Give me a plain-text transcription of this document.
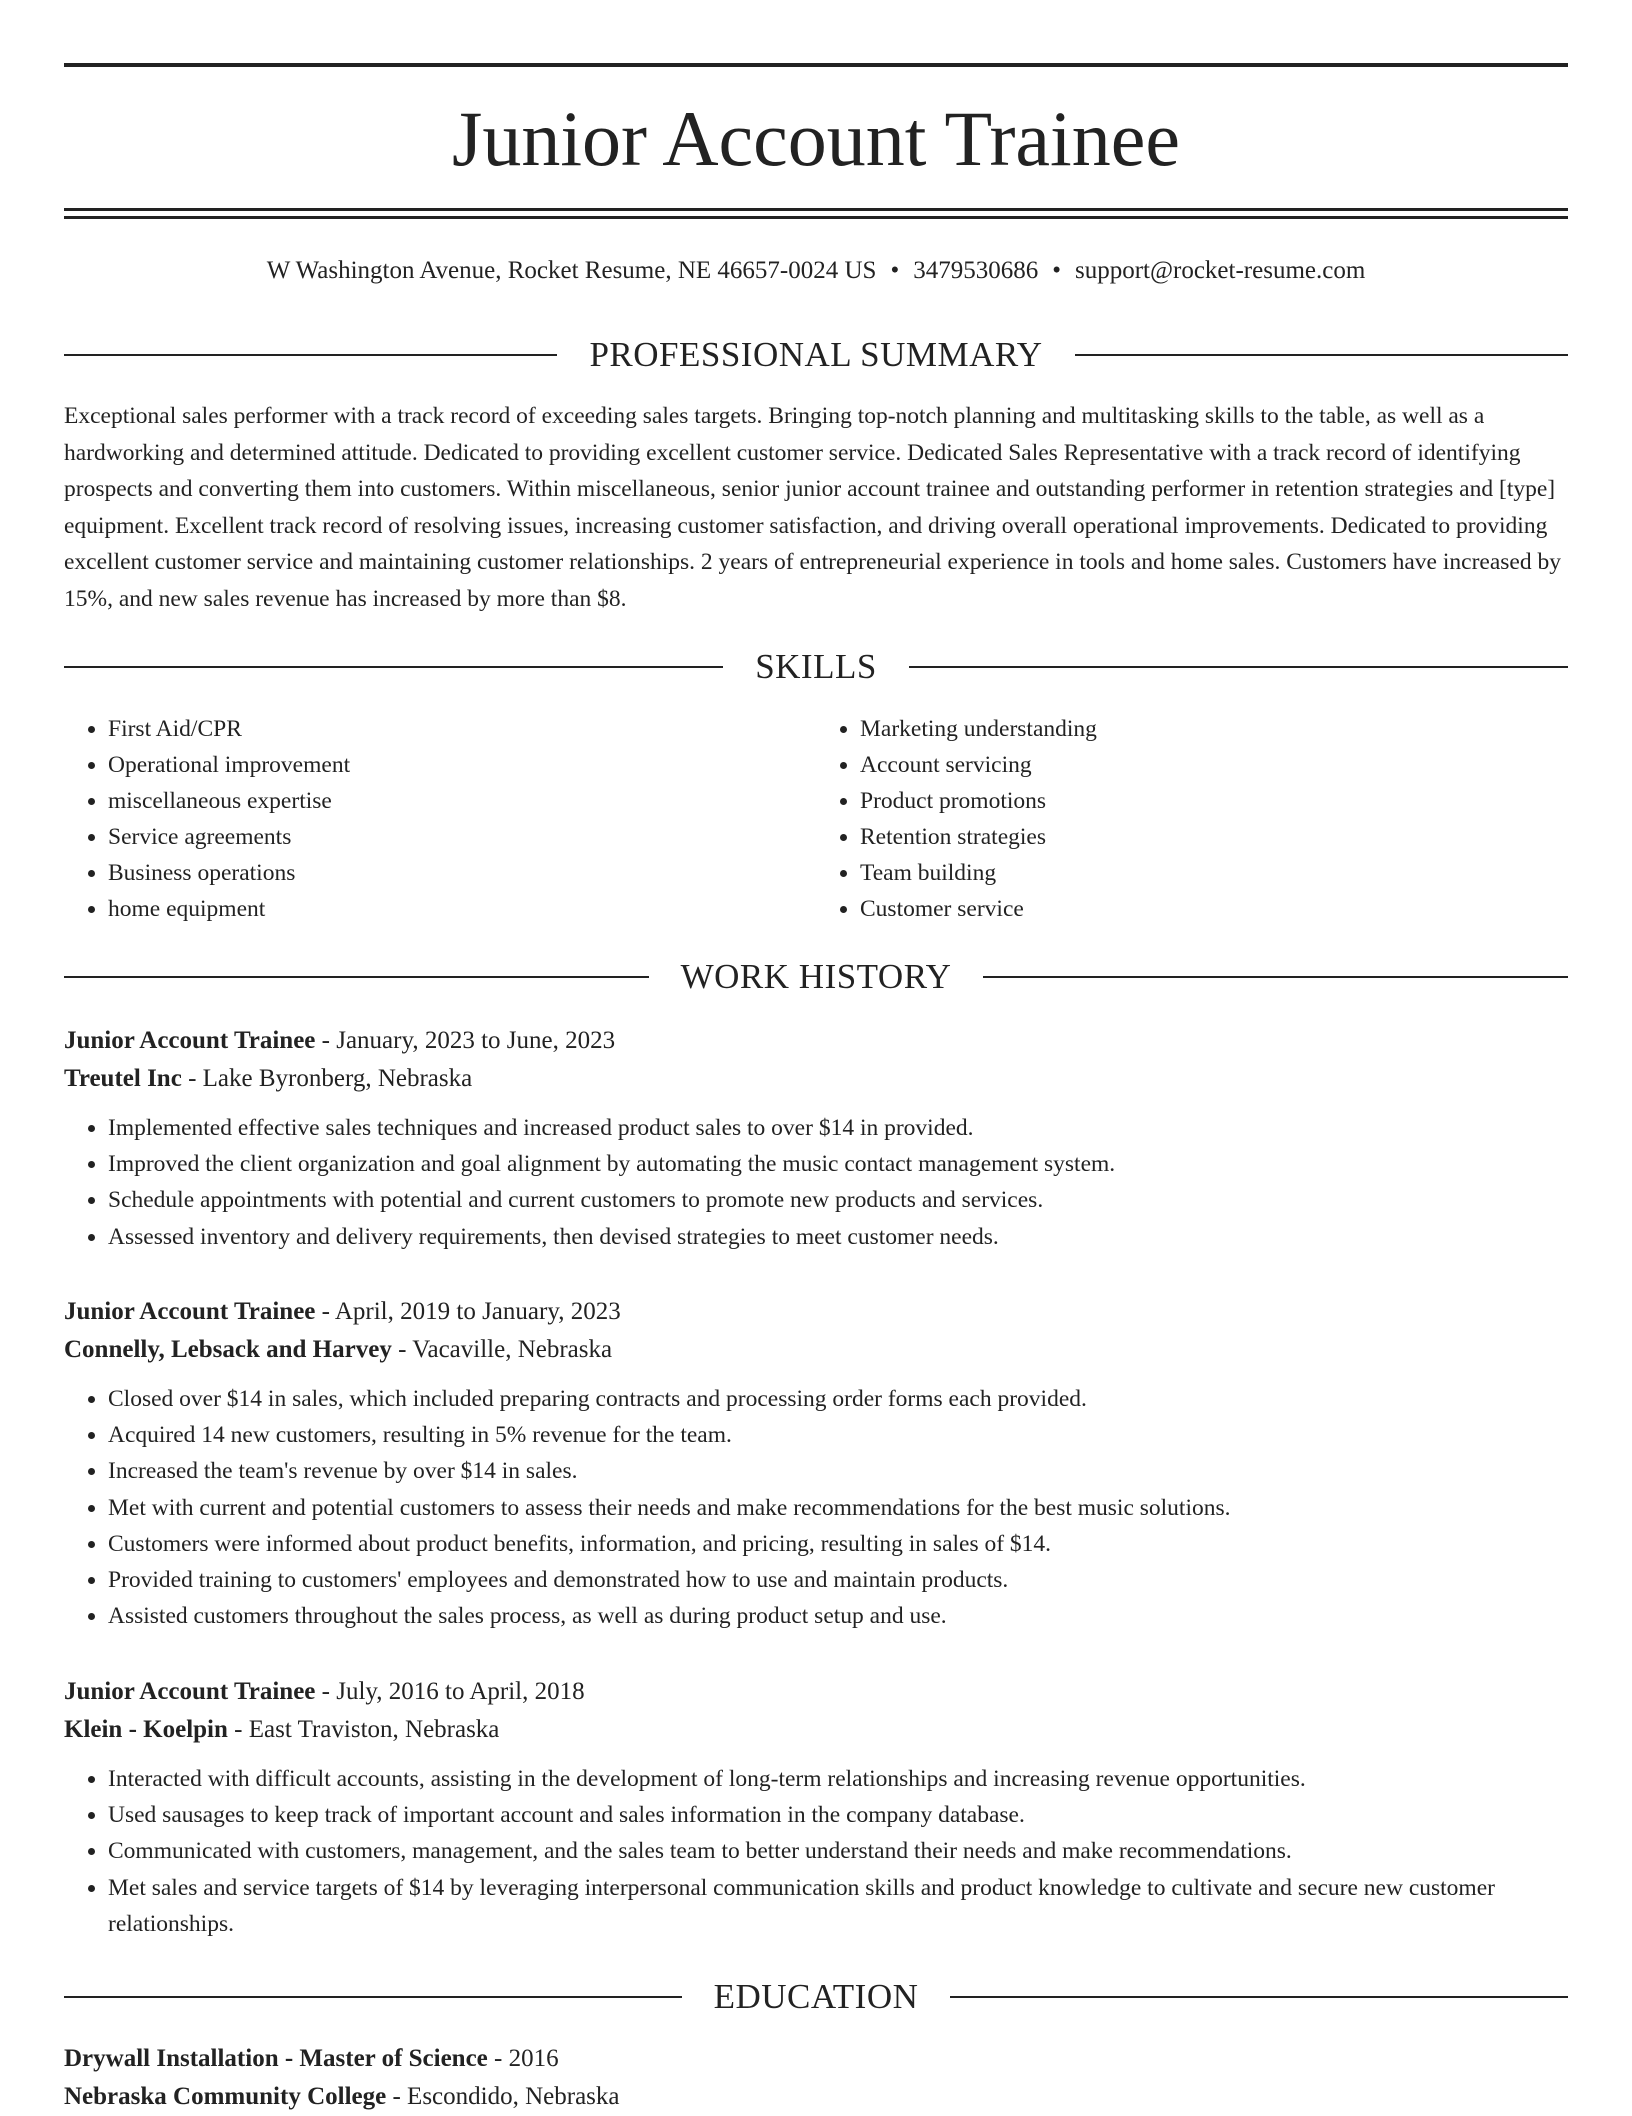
Junior Account Trainee
W Washington Avenue, Rocket Resume, NE 46657-0024 US • 3479530686 • support@rocket-resume.com
PROFESSIONAL SUMMARY

Exceptional sales performer with a track record of exceeding sales targets. Bringing top-notch planning and multitasking skills to the table, as well as a hardworking and determined attitude. Dedicated to providing excellent customer service. Dedicated Sales Representative with a track record of identifying prospects and converting them into customers. Within miscellaneous, senior junior account trainee and outstanding performer in retention strategies and [type] equipment. Excellent track record of resolving issues, increasing customer satisfaction, and driving overall operational improvements. Dedicated to providing excellent customer service and maintaining customer relationships. 2 years of entrepreneurial experience in tools and home sales. Customers have increased by 15%, and new sales revenue has increased by more than $8.

SKILLS
• First Aid/CPR
• Operational improvement
• miscellaneous expertise
• Service agreements
• Business operations
• home equipment
• Marketing understanding
• Account servicing
• Product promotions
• Retention strategies
• Team building
• Customer service
WORK HISTORY
Junior Account Trainee - January, 2023 to June, 2023
Treutel Inc - Lake Byronberg, Nebraska
• Implemented effective sales techniques and increased product sales to over $14 in provided.
• Improved the client organization and goal alignment by automating the music contact management system.
• Schedule appointments with potential and current customers to promote new products and services.
• Assessed inventory and delivery requirements, then devised strategies to meet customer needs.
Junior Account Trainee - April, 2019 to January, 2023
Connelly, Lebsack and Harvey - Vacaville, Nebraska
• Closed over $14 in sales, which included preparing contracts and processing order forms each provided.
• Acquired 14 new customers, resulting in 5% revenue for the team.
• Increased the team's revenue by over $14 in sales.
• Met with current and potential customers to assess their needs and make recommendations for the best music solutions.
• Customers were informed about product benefits, information, and pricing, resulting in sales of $14.
• Provided training to customers' employees and demonstrated how to use and maintain products.
• Assisted customers throughout the sales process, as well as during product setup and use.
Junior Account Trainee - July, 2016 to April, 2018
Klein - Koelpin - East Traviston, Nebraska
• Interacted with difficult accounts, assisting in the development of long-term relationships and increasing revenue opportunities.
• Used sausages to keep track of important account and sales information in the company database.
• Communicated with customers, management, and the sales team to better understand their needs and make recommendations.
• Met sales and service targets of $14 by leveraging interpersonal communication skills and product knowledge to cultivate and secure new customer relationships.
EDUCATION
Drywall Installation - Master of Science - 2016
Nebraska Community College - Escondido, Nebraska
